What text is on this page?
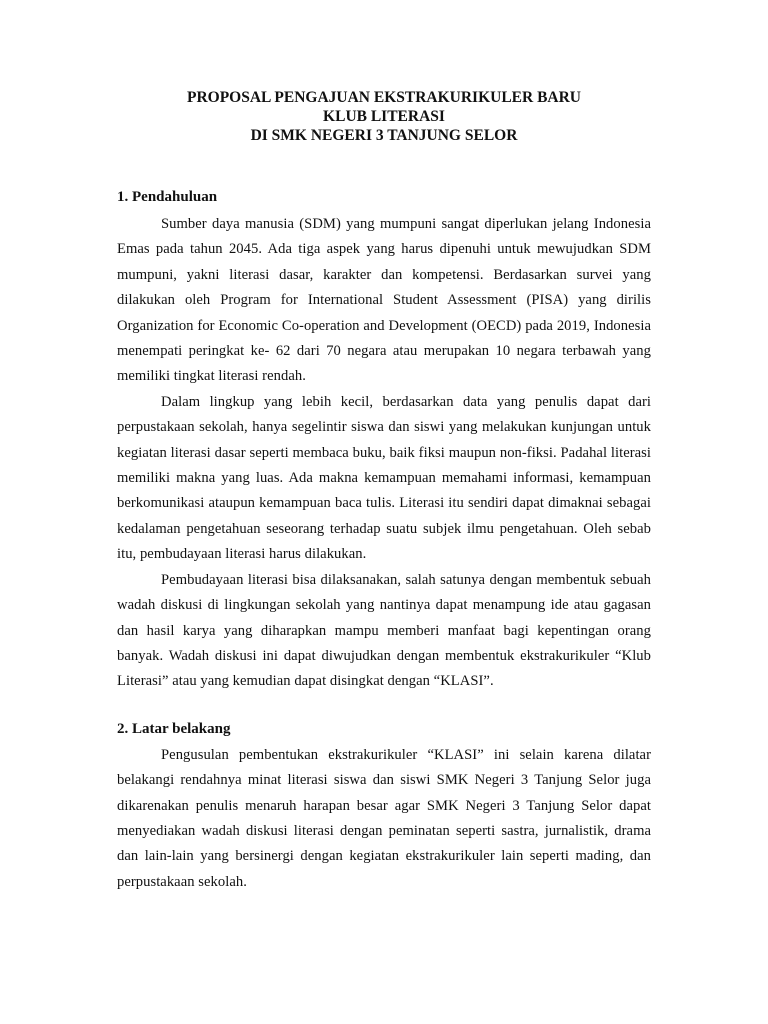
PROPOSAL PENGAJUAN EKSTRAKURIKULER BARU
KLUB LITERASI
DI SMK NEGERI 3 TANJUNG SELOR
1. Pendahuluan

Sumber daya manusia (SDM) yang mumpuni sangat diperlukan jelang Indonesia Emas pada tahun 2045. Ada tiga aspek yang harus dipenuhi untuk mewujudkan SDM mumpuni, yakni literasi dasar, karakter dan kompetensi. Berdasarkan survei yang dilakukan oleh Program for International Student Assessment (PISA) yang dirilis Organization for Economic Co-operation and Development (OECD) pada 2019, Indonesia menempati peringkat ke- 62 dari 70 negara atau merupakan 10 negara terbawah yang memiliki tingkat literasi rendah.

Dalam lingkup yang lebih kecil, berdasarkan data yang penulis dapat dari perpustakaan sekolah, hanya segelintir siswa dan siswi yang melakukan kunjungan untuk kegiatan literasi dasar seperti membaca buku, baik fiksi maupun non-fiksi. Padahal literasi memiliki makna yang luas. Ada makna kemampuan memahami informasi, kemampuan berkomunikasi ataupun kemampuan baca tulis. Literasi itu sendiri dapat dimaknai sebagai kedalaman pengetahuan seseorang terhadap suatu subjek ilmu pengetahuan. Oleh sebab itu, pembudayaan literasi harus dilakukan.

Pembudayaan literasi bisa dilaksanakan, salah satunya dengan membentuk sebuah wadah diskusi di lingkungan sekolah yang nantinya dapat menampung ide atau gagasan dan hasil karya yang diharapkan mampu memberi manfaat bagi kepentingan orang banyak. Wadah diskusi ini dapat diwujudkan dengan membentuk ekstrakurikuler “Klub Literasi” atau yang kemudian dapat disingkat dengan “KLASI”.

2. Latar belakang

Pengusulan pembentukan ekstrakurikuler “KLASI” ini selain karena dilatar belakangi rendahnya minat literasi siswa dan siswi SMK Negeri 3 Tanjung Selor juga dikarenakan penulis menaruh harapan besar agar SMK Negeri 3 Tanjung Selor dapat menyediakan wadah diskusi literasi dengan peminatan seperti sastra, jurnalistik, drama dan lain-lain yang bersinergi dengan kegiatan ekstrakurikuler lain seperti mading, dan perpustakaan sekolah.
